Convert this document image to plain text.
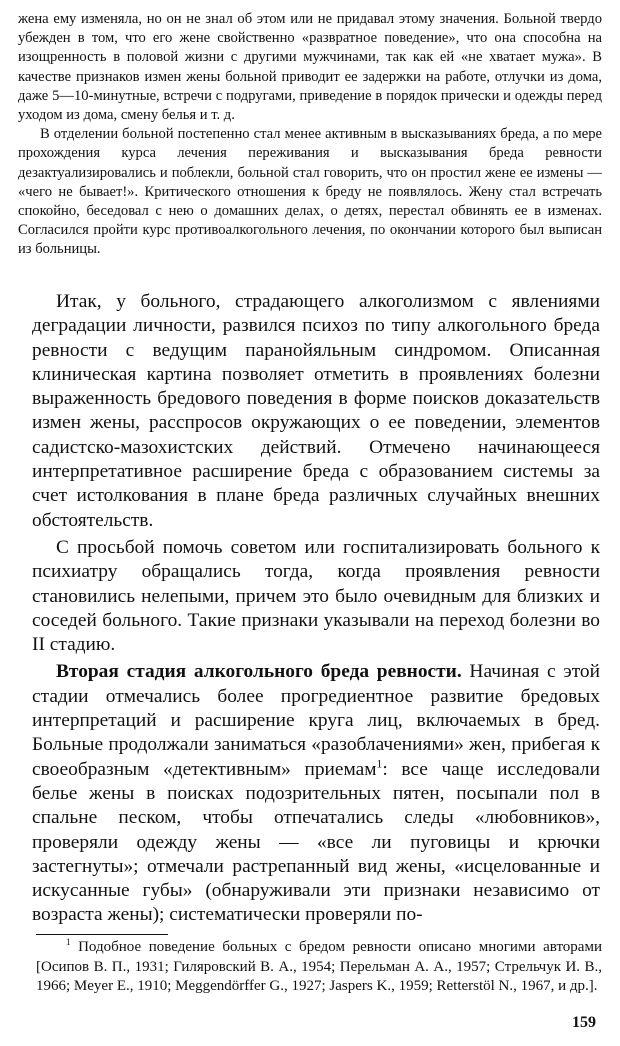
жена ему изменяла, но он не знал об этом или не придавал этому значения. Больной твердо убежден в том, что его жене свойственно «развратное поведение», что она способна на изощренность в половой жизни с другими мужчинами, так как ей «не хватает мужа». В качестве признаков измен жены больной приводит ее задержки на работе, отлучки из дома, даже 5—10-минутные, встречи с подругами, приведение в порядок прически и одежды перед уходом из дома, смену белья и т. д.

В отделении больной постепенно стал менее активным в высказываниях бреда, а по мере прохождения курса лечения переживания и высказывания бреда ревности дезактуализировались и поблекли, больной стал говорить, что он простил жене ее измены — «чего не бывает!». Критического отношения к бреду не появлялось. Жену стал встречать спокойно, беседовал с нею о домашних делах, о детях, перестал обвинять ее в изменах. Согласился пройти курс противоалкогольного лечения, по окончании которого был выписан из больницы.

Итак, у больного, страдающего алкоголизмом с явлениями деградации личности, развился психоз по типу алкогольного бреда ревности с ведущим паранойяльным синдромом. Описанная клиническая картина позволяет отметить в проявлениях болезни выраженность бредового поведения в форме поисков доказательств измен жены, расспросов окружающих о ее поведении, элементов садистско-мазохистских действий. Отмечено начинающееся интерпретативное расширение бреда с образованием системы за счет истолкования в плане бреда различных случайных внешних обстоятельств.

С просьбой помочь советом или госпитализировать больного к психиатру обращались тогда, когда проявления ревности становились нелепыми, причем это было очевидным для близких и соседей больного. Такие признаки указывали на переход болезни во II стадию.

Вторая стадия алкогольного бреда ревности. Начиная с этой стадии отмечались более прогредиентное развитие бредовых интерпретаций и расширение круга лиц, включаемых в бред. Больные продолжали заниматься «разоблачениями» жен, прибегая к своеобразным «детективным» приемам$^1$: все чаще исследовали белье жены в поисках подозрительных пятен, посыпали пол в спальне песком, чтобы отпечатались следы «любовников», проверяли одежду жены — «все ли пуговицы и крючки застегнуты»; отмечали растрепанный вид жены, «исцелованные и искусанные губы» (обнаруживали эти признаки независимо от возраста жены); систематически проверяли по-

$^1$ Подобное поведение больных с бредом ревности описано многими авторами [Осипов В. П., 1931; Гиляровский В. А., 1954; Перельман А. А., 1957; Стрельчук И. В., 1966; Meyer E., 1910; Meggendörffer G., 1927; Jaspers K., 1959; Retterstöl N., 1967, и др.].

159
